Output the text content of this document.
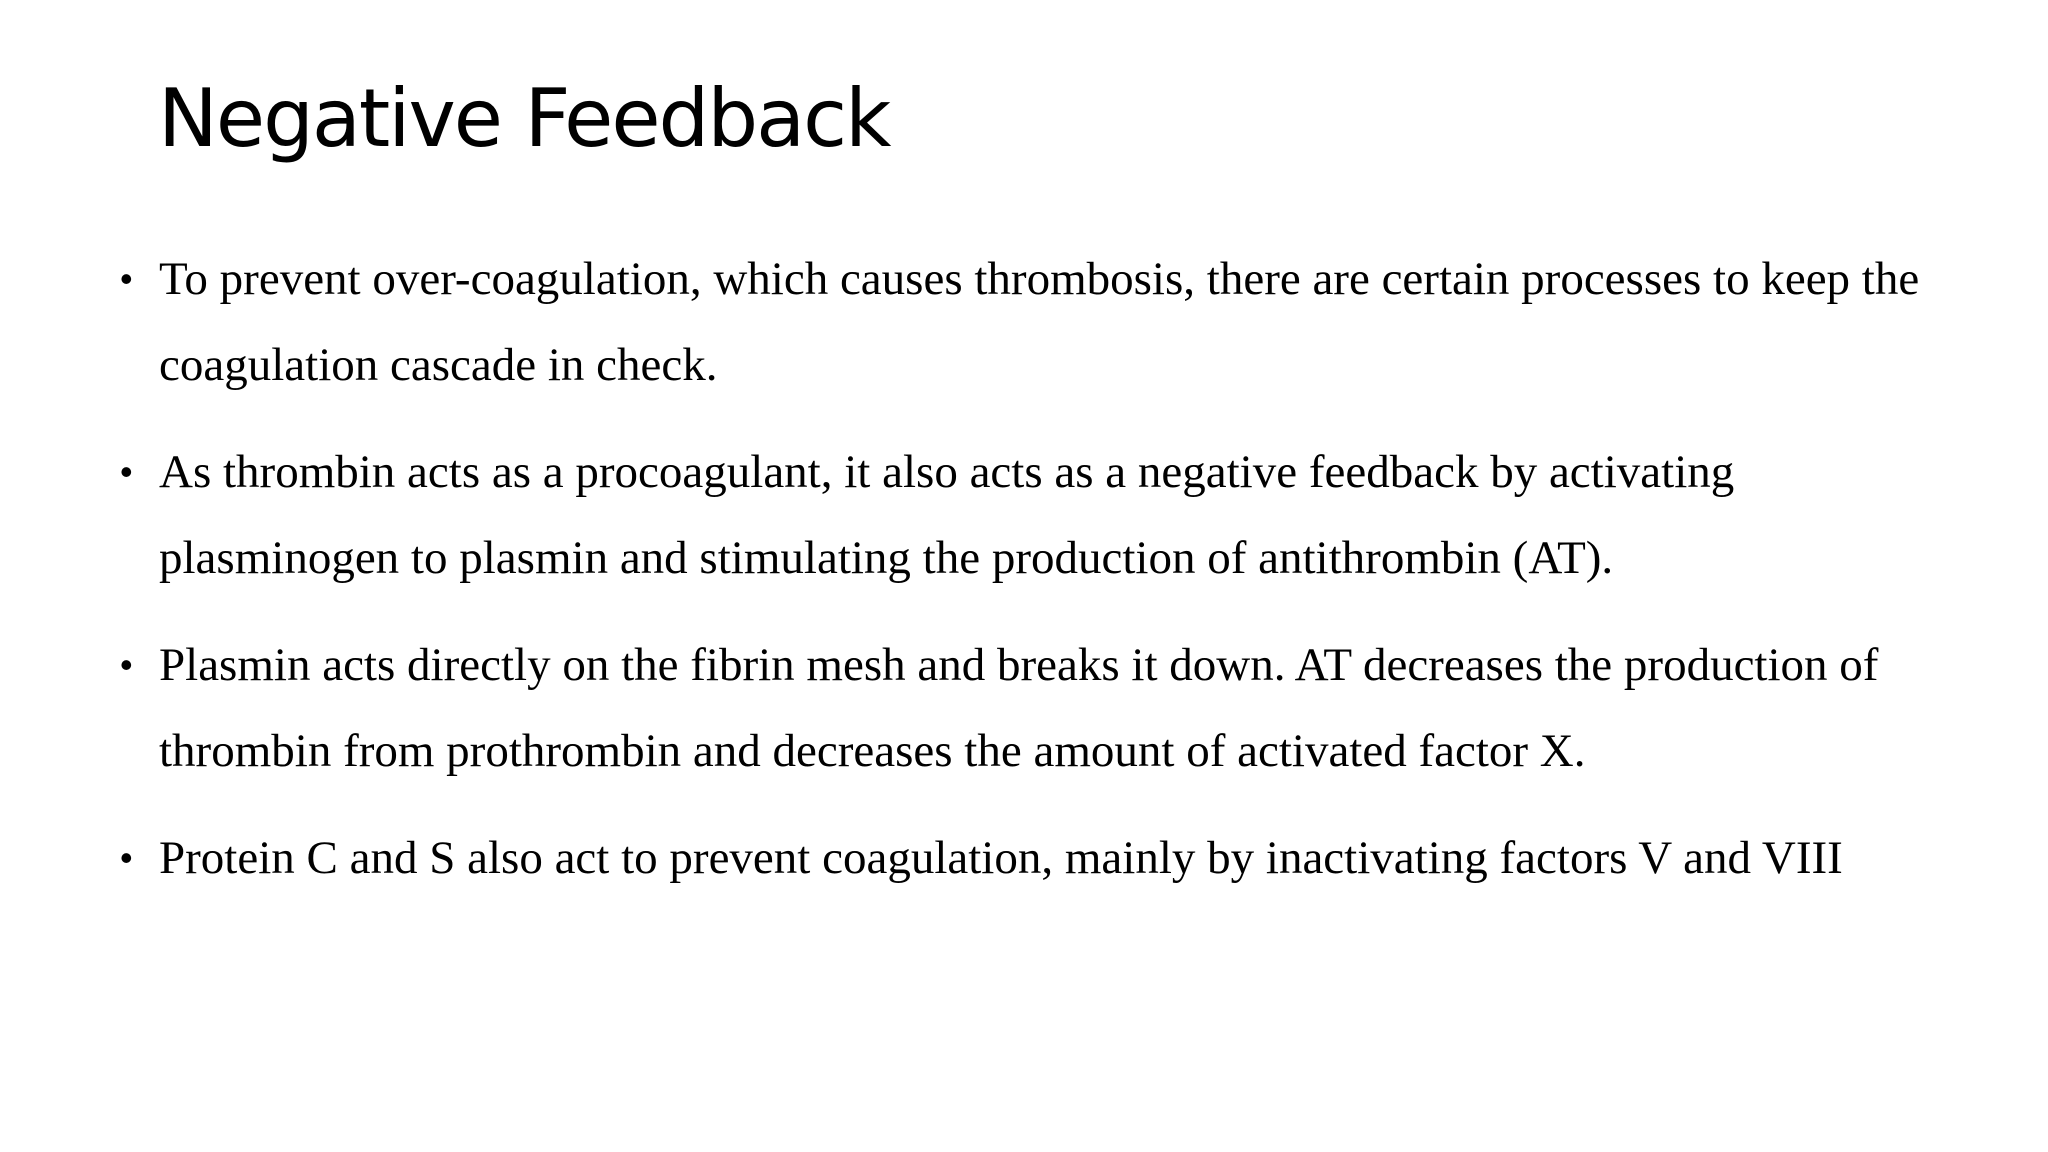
Negative Feedback
• To prevent over-coagulation, which causes thrombosis, there are certain processes to keep the coagulation cascade in check.
• As thrombin acts as a procoagulant, it also acts as a negative feedback by activating plasminogen to plasmin and stimulating the production of antithrombin (AT).
• Plasmin acts directly on the fibrin mesh and breaks it down. AT decreases the production of thrombin from prothrombin and decreases the amount of activated factor X.
• Protein C and S also act to prevent coagulation, mainly by inactivating factors V and VIII
